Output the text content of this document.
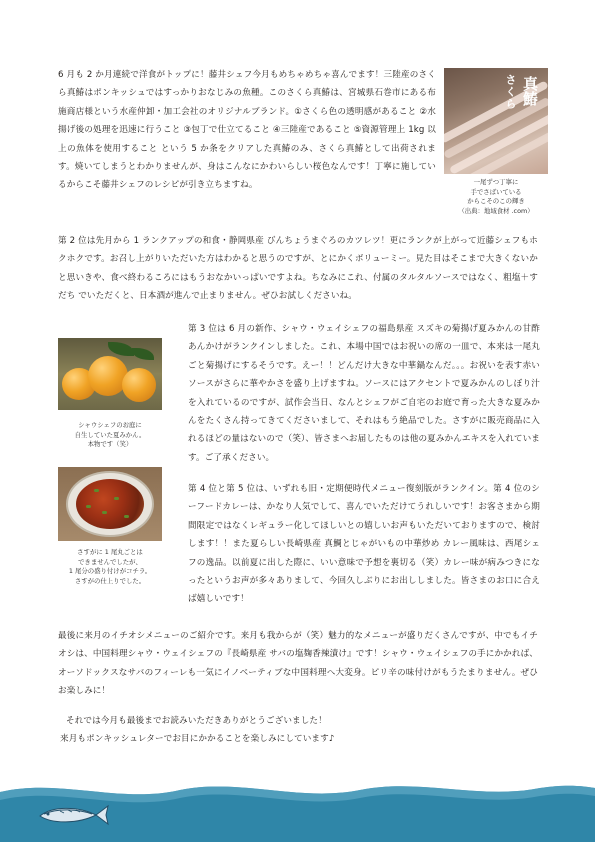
6 月も 2 か月連続で洋食がトップに！藤井シェフ今月もめちゃめちゃ喜んでます！三陸産のさくら真鰆はポンキッシュではすっかりおなじみの魚種。このさくら真鰆は、宮城県石巻市にある布施商店様という水産仲卸・加工会社のオリジナルブランド。①さくら色の透明感があること ②水揚げ後の処理を迅速に行うこと ③包丁で仕立てること ④三陸産であること ⑤資源管理上 1kg 以上の魚体を使用すること という 5 か条をクリアした真鰆のみ、さくら真鰆として出荷されます。焼いてしまうとわかりませんが、身はこんなにかわいらしい桜色なんです！丁寧に施しているからこそ藤井シェフのレシピが引き立ちますね。

さくら 真鰆
一尾ずつ丁寧に
手でさばいている
からこそのこの輝き
（出典：地域食材 .com）

第 2 位は先月から 1 ランクアップの和食・静岡県産 びんちょうまぐろのカツレツ！更にランクが上がって近藤シェフもホクホクです。お召し上がりいただいた方はわかると思うのですが、とにかくボリューミー。見た目はそこまで大きくないかと思いきや、食べ終わるころにはもうおなかいっぱいですよね。ちなみにこれ、付属のタルタルソースではなく、粗塩＋すだち でいただくと、日本酒が進んで止まりません。ぜひお試しくださいね。

シャウシェフのお庭に
自生していた夏みかん。
本物です（笑）
さすがに 1 尾丸ごとは
できませんでしたが、
1 尾分の盛り付けがコチラ。
さすがの仕上りでした。

第 3 位は 6 月の新作、シャウ・ウェイシェフの福島県産 スズキの菊揚げ夏みかんの甘酢あんかけがランクインしました。これ、本場中国ではお祝いの席の一皿で、本来は一尾丸ごと菊揚げにするそうです。えー！！どんだけ大きな中華鍋なんだ。。。お祝いを表す赤いソースがさらに華やかさを盛り上げますね。ソースにはアクセントで夏みかんのしぼり汁を入れているのですが、試作会当日、なんとシェフがご自宅のお庭で育った大きな夏みかんをたくさん持ってきてくださいまして、それはもう絶品でした。さすがに販売商品に入れるほどの量はないので（笑）、皆さまへお届したものは他の夏みかんエキスを入れています。ご了承ください。

第 4 位と第 5 位は、いずれも旧・定期便時代メニュー復刻版がランクイン。第 4 位のシーフードカレーは、かなり人気でして、喜んでいただけてうれしいです！お客さまから期間限定ではなくレギュラー化してほしいとの嬉しいお声もいただいておりますので、検討します！！また夏らしい長崎県産 真鯛とじゃがいもの中華炒め カレー風味は、西尾シェフの逸品。以前夏に出した際に、いい意味で予想を裏切る（笑）カレー味が病みつきになったというお声が多々ありまして、今回久しぶりにお出ししました。皆さまのお口に合えば嬉しいです！

最後に来月のイチオシメニューのご紹介です。来月も我からが（笑）魅力的なメニューが盛りだくさんですが、中でもイチオシは、中国料理シャウ・ウェイシェフの『長崎県産 サバの塩麹香辣漬け』です！シャウ・ウェイシェフの手にかかれば、オーソドックスなサバのフィーレも一気にイノベーティブな中国料理へ大変身。ピリ辛の味付けがもうたまりません。ぜひお楽しみに！

それでは今月も最後までお読みいただきありがとうございました！
来月もポンキッシュレターでお目にかかることを楽しみにしています♪
